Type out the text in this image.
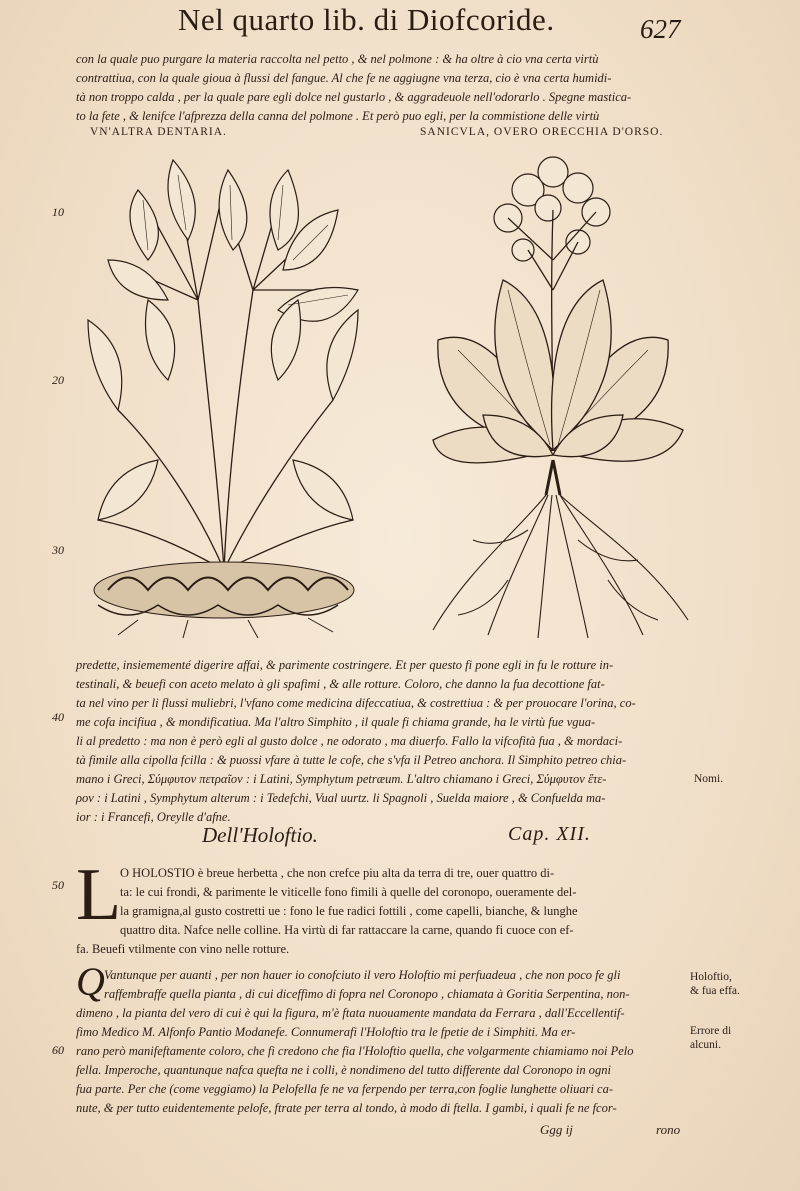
Nel quarto lib. di Diofcoride.	627
con la quale puo purgare la materia raccolta nel petto , & nel polmone : & ha oltre à cio vna certa virtù
contrattiua, con la quale gioua à flussi del fangue. Al che fe ne aggiugne vna terza, cio è vna certa humidi-
tà non troppo calda , per la quale pare egli dolce nel gustarlo , & aggradeuole nell'odorarlo . Spegne mastica-
to la fete , & lenifce l'afprezza della canna del polmone . Et però puo egli, per la commistione delle virtù
VN'ALTRA DENTARIA.	SANICVLA, OVERO ORECCHIA D'ORSO.
10
20
30
40
50
60
predette, insiemementé digerire affai, & parimente costringere. Et per questo fi pone egli in fu le rotture in-
testinali, & beuefi con aceto melato à gli spafimi , & alle rotture. Coloro, che danno la fua decottione fat-
ta nel vino per li flussi muliebri, l'vfano come medicina difeccatiua, & costrettiua : & per prouocare l'orina, co-
me cofa incifiua , & mondificatiua. Ma l'altro Simphito , il quale fi chiama grande, ha le virtù fue vgua-
li al predetto : ma non è però egli al gusto dolce , ne odorato , ma diuerfo. Fallo la vifcofità fua , & mordaci-
tà fimile alla cipolla fcilla : & puossi vfare à tutte le cofe, che s'vfa il Petreo anchora. Il Simphito petreo chia-
mano i Greci, Σύμφυτον πετραῖον : i Latini, Symphytum petræum. L'altro chiamano i Greci, Σύμφυτον ἕτε-
ρον : i Latini , Symphytum alterum : i Tedefchi, Vual uurtz. li Spagnoli , Suelda maiore , & Confuelda ma-
ior : i Francefi, Oreylle d'afne.
Nomi.
Dell'Holoftio.	Cap. XII.
L
O HOLOSTIO è breue herbetta , che non crefce piu alta da terra di tre, ouer quattro di-
ta: le cui frondi, & parimente le viticelle fono fimili à quelle del coronopo, oueramente del-
la gramigna,al gusto costretti ue : fono le fue radici fottili , come capelli, bianche, & lunghe
quattro dita. Nafce nelle colline. Ha virtù di far rattaccare la carne, quando fi cuoce con ef-
fa. Beuefi vtilmente con vino nelle rotture.
Q Vantunque per auanti , per non hauer io conofciuto il vero Holoftio mi perfuadeua , che non poco fe gli
raffembraffe quella pianta , di cui diceffimo di fopra nel Coronopo , chiamata à Goritia Serpentina, non-
dimeno , la pianta del vero di cui è qui la figura, m'è ftata nuouamente mandata da Ferrara , dall'Eccellentif-
fimo Medico M. Alfonfo Pantio Modanefe. Connumerafi l'Holoftio tra le fpetie de i Simphiti. Ma er-
rano però manifeftamente coloro, che fi credono che fia l'Holoftio quella, che volgarmente chiamiamo noi Pelo
fella. Imperoche, quantunque nafca quefta ne i colli, è nondimeno del tutto differente dal Coronopo in ogni
fua parte. Per che (come veggiamo) la Pelofella fe ne va ferpendo per terra,con foglie lunghette oliuari ca-
nute, & per tutto euidentemente pelofe, ftrate per terra al tondo, à modo di ftella. I gambi, i quali fe ne fcor-
Holoftio,
& fua effa.
Errore di
alcuni.
Ggg ij	rono
